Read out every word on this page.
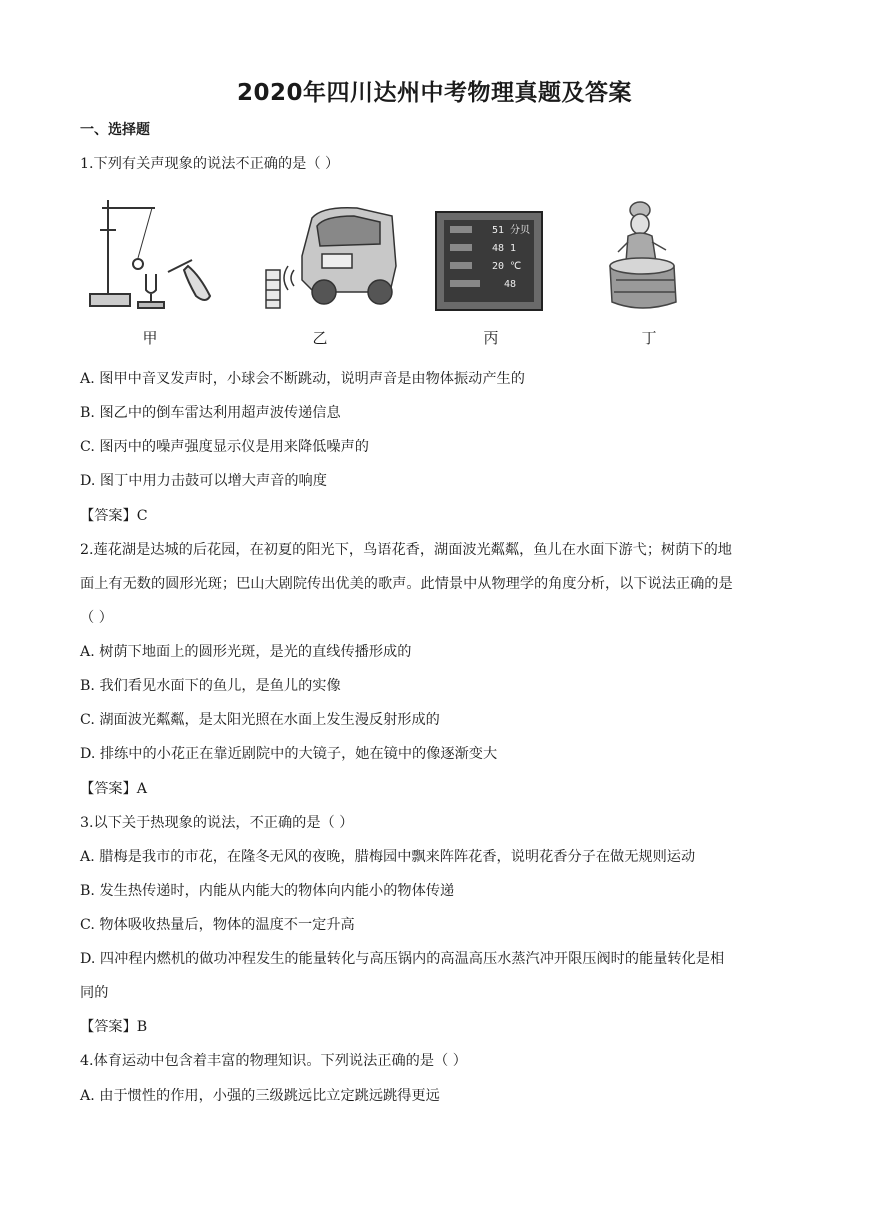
2020年四川达州中考物理真题及答案
一、选择题
1.下列有关声现象的说法不正确的是（ ）
甲	乙
51 分贝
48 1
20 ℃
48
丙	丁
A. 图甲中音叉发声时，小球会不断跳动，说明声音是由物体振动产生的
B. 图乙中的倒车雷达利用超声波传递信息
C. 图丙中的噪声强度显示仪是用来降低噪声的
D. 图丁中用力击鼓可以增大声音的响度
【答案】C
2.莲花湖是达城的后花园，在初夏的阳光下，鸟语花香，湖面波光粼粼，鱼儿在水面下游弋；树荫下的地
面上有无数的圆形光斑；巴山大剧院传出优美的歌声。此情景中从物理学的角度分析，以下说法正确的是
（ ）
A. 树荫下地面上的圆形光斑，是光的直线传播形成的
B. 我们看见水面下的鱼儿，是鱼儿的实像
C. 湖面波光粼粼，是太阳光照在水面上发生漫反射形成的
D. 排练中的小花正在靠近剧院中的大镜子，她在镜中的像逐渐变大
【答案】A
3.以下关于热现象的说法，不正确的是（ ）
A. 腊梅是我市的市花，在隆冬无风的夜晚，腊梅园中飘来阵阵花香，说明花香分子在做无规则运动
B. 发生热传递时，内能从内能大的物体向内能小的物体传递
C. 物体吸收热量后，物体的温度不一定升高
D. 四冲程内燃机的做功冲程发生的能量转化与高压锅内的高温高压水蒸汽冲开限压阀时的能量转化是相
同的
【答案】B
4.体育运动中包含着丰富的物理知识。下列说法正确的是（ ）
A. 由于惯性的作用，小强的三级跳远比立定跳远跳得更远
